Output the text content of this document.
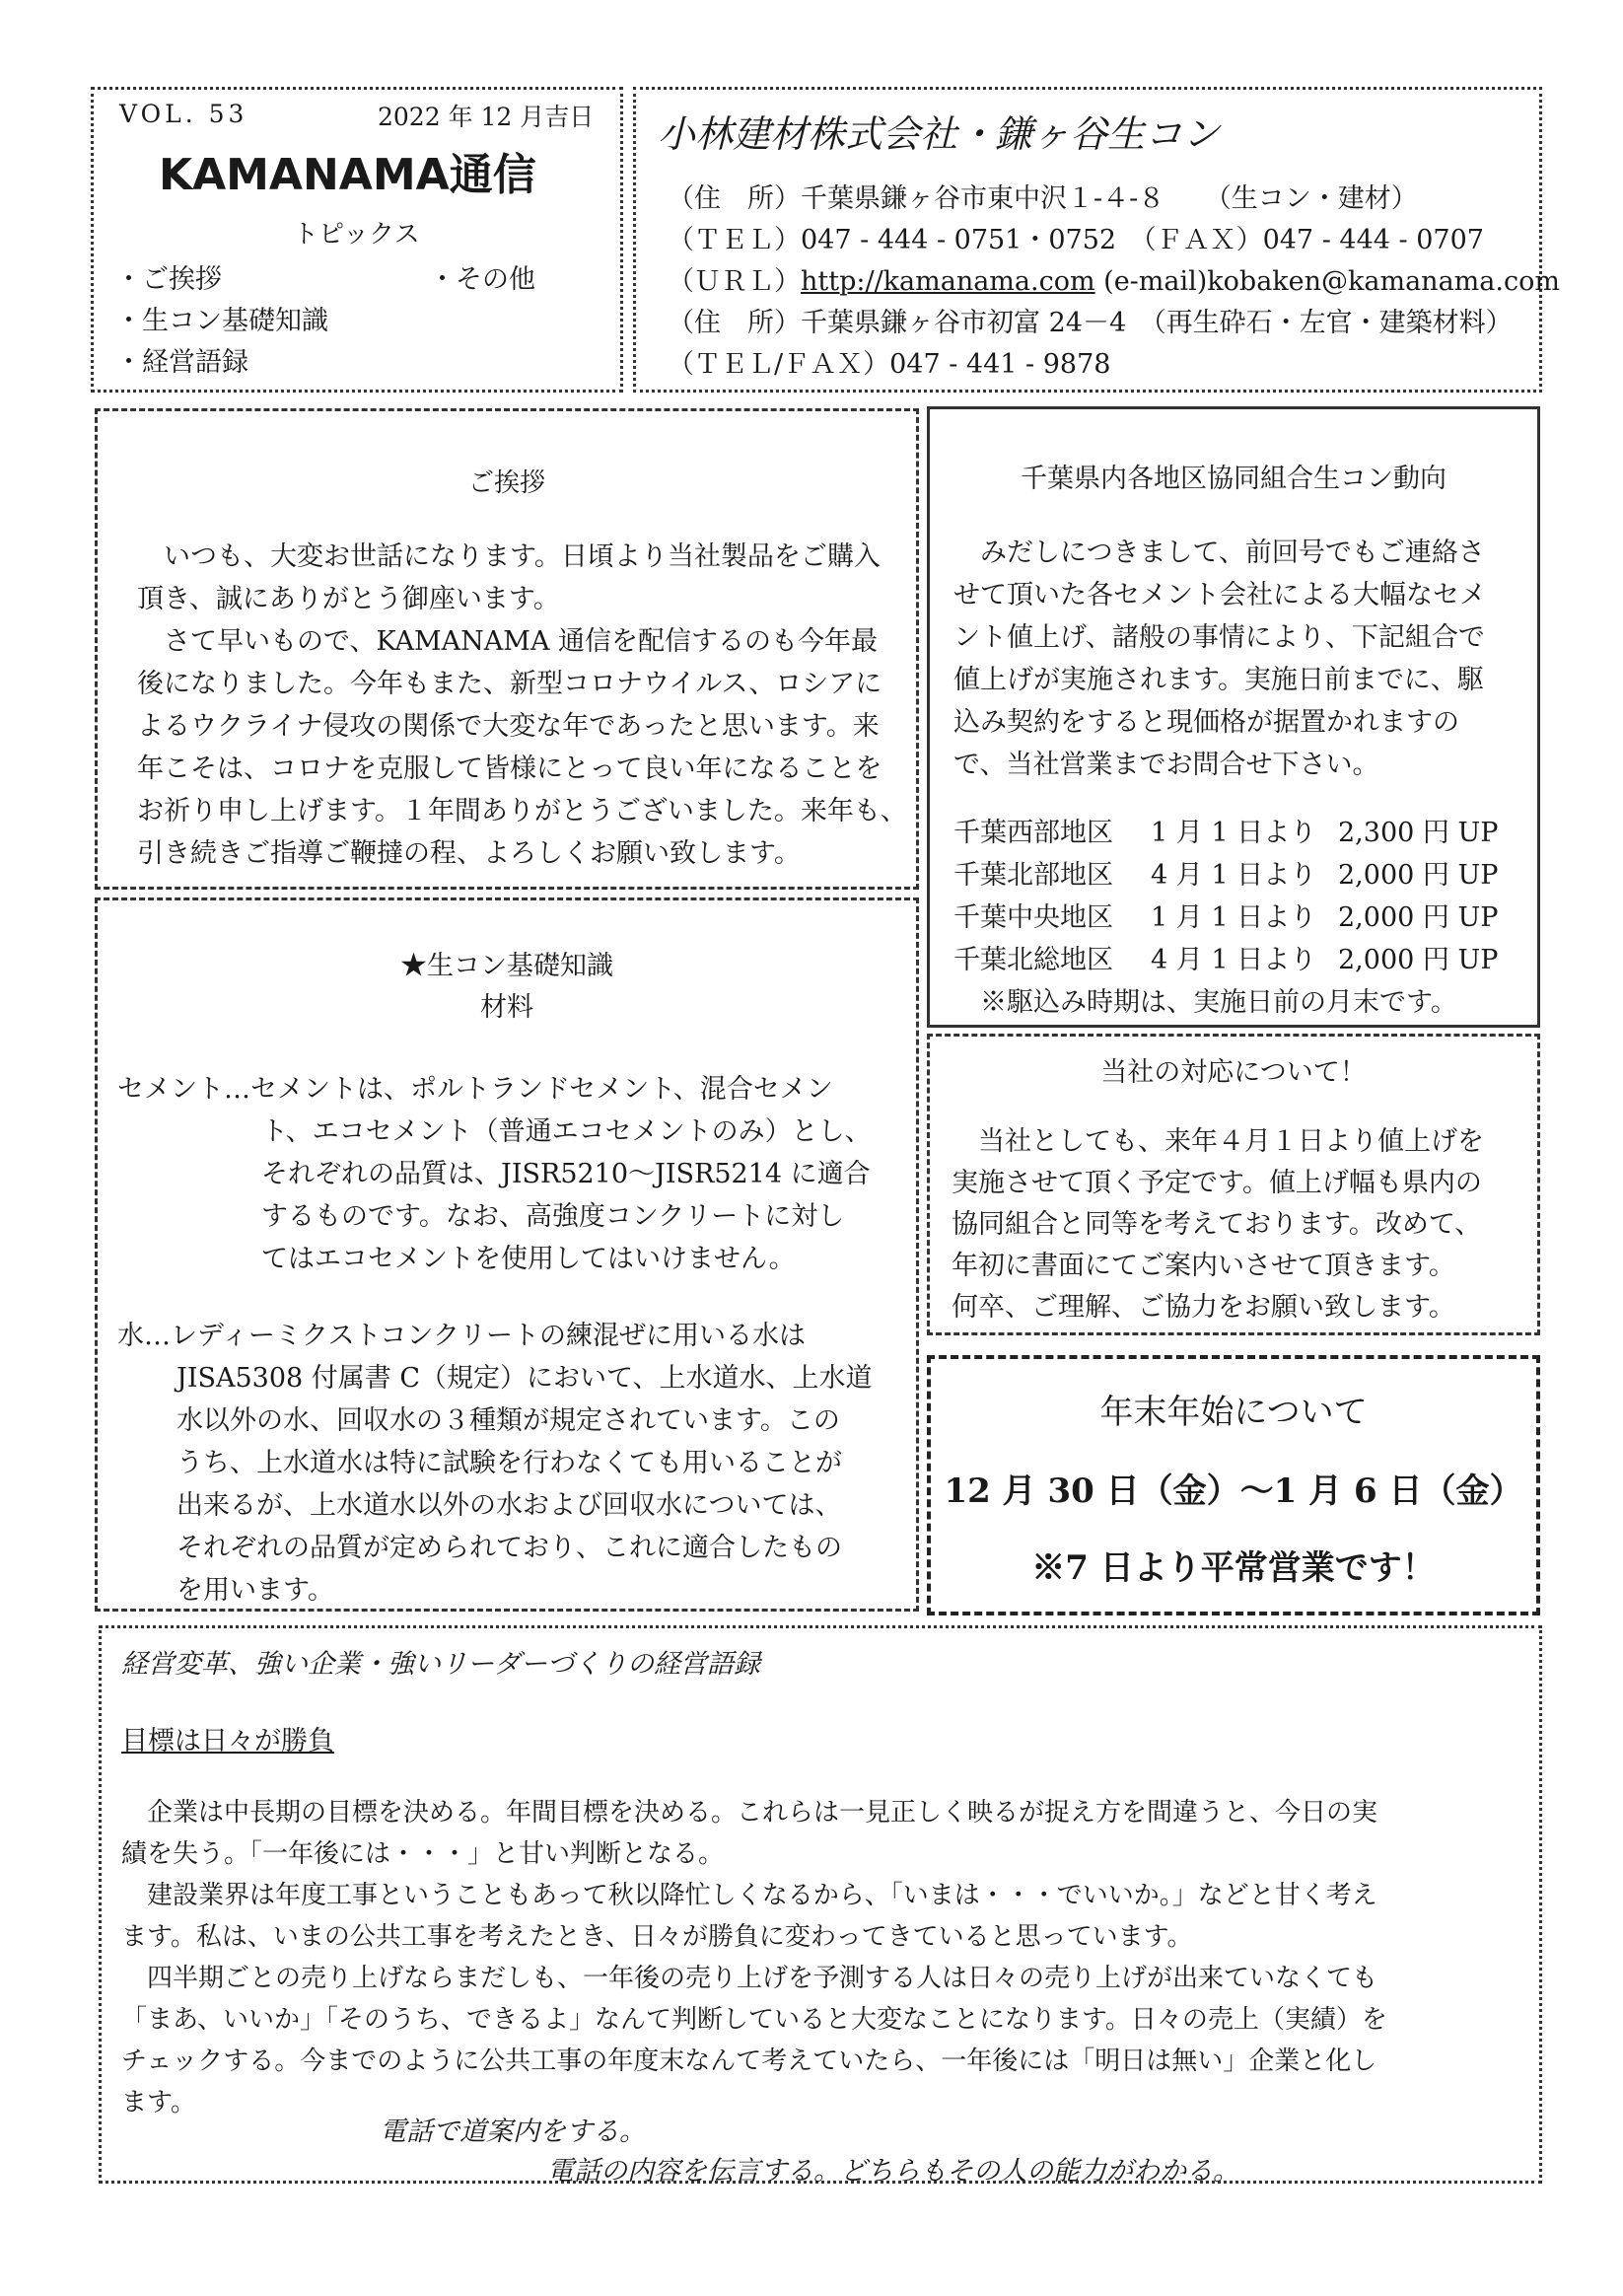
VOL. 53	2022 年 12 月吉日
KAMANAMA通信
トピックス
・ご挨拶	・その他
・生コン基礎知識
・経営語録
小林建材株式会社・鎌ヶ谷生コン
（住　所）千葉県鎌ヶ谷市東中沢１-４-８　　（生コン・建材）
（ＴＥＬ）047 - 444 - 0751・0752　（ＦＡＸ）047 - 444 - 0707
（ＵＲＬ）http://kamanama.com (e-mail)kobaken@kamanama.com
（住　所）千葉県鎌ヶ谷市初富 24－4　（再生砕石・左官・建築材料）
（ＴＥＬ/ＦＡＸ）047 - 441 - 9878
ご挨拶
　いつも、大変お世話になります。日頃より当社製品をご購入
頂き、誠にありがとう御座います。
　さて早いもので、KAMANAMA 通信を配信するのも今年最
後になりました。今年もまた、新型コロナウイルス、ロシアに
よるウクライナ侵攻の関係で大変な年であったと思います。来
年こそは、コロナを克服して皆様にとって良い年になることを
お祈り申し上げます。１年間ありがとうございました。来年も、
引き続きご指導ご鞭撻の程、よろしくお願い致します。
千葉県内各地区協同組合生コン動向
　みだしにつきまして、前回号でもご連絡さ
せて頂いた各セメント会社による大幅なセメ
ント値上げ、諸般の事情により、下記組合で
値上げが実施されます。実施日前までに、駆
込み契約をすると現価格が据置かれますの
で、当社営業までお問合せ下さい。
千葉西部地区 1 月 1 日より 2,300 円 UP
千葉北部地区 4 月 1 日より 2,000 円 UP
千葉中央地区 1 月 1 日より 2,000 円 UP
千葉北総地区 4 月 1 日より 2,000 円 UP
※駆込み時期は、実施日前の月末です。
★生コン基礎知識
材料
セメント…セメントは、ポルトランドセメント、混合セメン
ト、エコセメント（普通エコセメントのみ）とし、
それぞれの品質は、JISR5210～JISR5214 に適合
するものです。なお、高強度コンクリートに対し
てはエコセメントを使用してはいけません。
水…レディーミクストコンクリートの練混ぜに用いる水は
JISA5308 付属書 C（規定）において、上水道水、上水道
水以外の水、回収水の３種類が規定されています。この
うち、上水道水は特に試験を行わなくても用いることが
出来るが、上水道水以外の水および回収水については、
それぞれの品質が定められており、これに適合したもの
を用います。
当社の対応について！
　当社としても、来年４月１日より値上げを
実施させて頂く予定です。値上げ幅も県内の
協同組合と同等を考えております。改めて、
年初に書面にてご案内いさせて頂きます。
何卒、ご理解、ご協力をお願い致します。
年末年始について
12 月 30 日（金）～1 月 6 日（金）
※7 日より平常営業です！
経営変革、強い企業・強いリーダーづくりの経営語録
目標は日々が勝負
　企業は中長期の目標を決める。年間目標を決める。これらは一見正しく映るが捉え方を間違うと、今日の実
績を失う。「一年後には・・・」と甘い判断となる。
　建設業界は年度工事ということもあって秋以降忙しくなるから、「いまは・・・でいいか。」などと甘く考え
ます。私は、いまの公共工事を考えたとき、日々が勝負に変わってきていると思っています。
　四半期ごとの売り上げならまだしも、一年後の売り上げを予測する人は日々の売り上げが出来ていなくても
「まあ、いいか」「そのうち、できるよ」なんて判断していると大変なことになります。日々の売上（実績）を
チェックする。今までのように公共工事の年度末なんて考えていたら、一年後には「明日は無い」企業と化し
ます。
電話で道案内をする。
電話の内容を伝言する。どちらもその人の能力がわかる。
